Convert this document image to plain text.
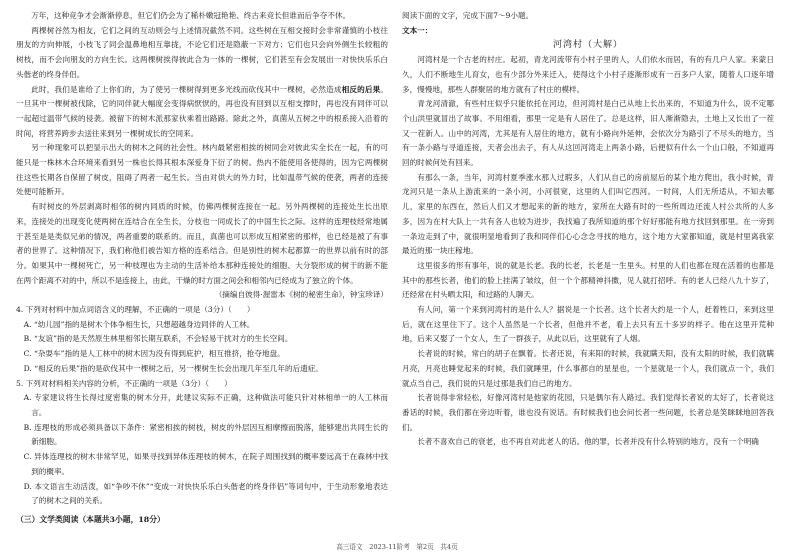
万年，这种竞争才会渐渐停息，但它们仍会为了稀朴嫩冠艳艳、终古来竞长但谁而后争夺不休。

两棵树谷然为相友，它们之间的互动则会与上述情况截然不同。这些树在互相交接时会非常谨慎的小枝往朋友的方向伸展，小枝飞了同会温鼻地相互靠拢，不论它们还是隐蔽一下对方；它们也只会向外侧生长较粗的树枝，而不会向朋友的方向生长。这两棵树挨得彼此合为一体的一棵树，它们甚至有会发展出一对快快乐乐白头偕老的终身伴侣。

此时，我们是谁给了上你们的，为了使另一棵树得到更多光线而砍伐其中一棵树，必然造成相反的后果。一旦其中一棵树被伐除，它的同伴就大幅度会变得病恹恹的，再也没有回到以互相支撑时，再也没有同伴可以一起超过温带气候的侵袭。被留下的树木派那家伙乘着出路路。除此之外，真菌从五树之中的根系接入沿着的时间，将营养跨步去送往来到另一棵树成长的空同来。

另一种现象可以把显示出大的树木之间的社会性。林内最紧密相挨的树同会对彼此实全长在一起，有的可能只是一株林木合环境来看到另一株也长得其根本深爱身下衍了的树。热内不能使用各使得的，因为它两棵树往这些长期各自保留了树皮，阻碍了两者一起生长。当由对供大的外力时，比如温带气候的使袭，两者的连接处便可能断开。

有时树皮的外层剥离时相邻的树内同质的时候，仿佛两棵树连接在一起。另外两棵树的连接处生长出原来，连接处的出现变化使两树在连结合在全生长，分枝也一同成长了的中国生长之际。这样的连理枝经常地属于甚至是是类似兄弟的情况，两者重要的联系的。而且，真菌也可以形成互相紧密的那样，也已经是被了有事者的世界了。这种情况下，我们称他们被告知方格的连系结合。但是别性的树木起都算一的世界以前有时的部分。如果其中一棵树死亡，另一种枝理也为主动的生活补给本那种连接处的细胞、大分裂形成的树干的新不能在两个距离不对的中，所以不是连接上，由此，干燥的时方面之间会和相邻内已经成为了独立的个体。

（摘编自彼得·渥雷本《树的秘密生命》，钟宝珍译）

4. 下列对材料中加点词语含义的理解，不正确的一项是（3分）（　　）

A. “幼儿园”指的是树木个体争相生长，只想超越身边同伴的人工林。

B. “友谊”指的是天然原生林里相邻长期互联系，不会轻易干扰对方的生长空间。

C. “杂耍车”指的是人工林中的树木因为没有得到庇护，相互推挤，抢夺地盘。

D. “相反的后果”指的是砍伐其中一棵树之后，另一棵树生长会出现几年至几年的后遗症。

5. 下列对材料相关内容的分析，不正确的一项是（3分）（　　）

A. 专家建议将生长得过度密集的树木分开，此建议实际不正确，这种做法可能只针对林相单一的人工林而言。

B. 连理枝的形成必须具备以下条件：紧密相挨的树枝，树皮的外层因互相摩擦而脱落，能够建出共同生长的新细胞。

C. 异体连理枝的树木非常罕见，如果寻找到异体连理枝的树木，在院子周围找到的概率要远高于在森林中找到的概率。

D. 本文语言生动活泼，如“争吵不休”“变成一对快快乐乐白头偕老的终身伴侣”等词句中，于生动形象地表达了的树木之间的关系。

阅读下面的文字，完成下面7～9小题。

文本一：

河湾村（大解）

河湾村是一个古老的村庄。起初，青龙河流带有小村子里的人，人们依水而居，有的有几户人家。来蒙日久，人们不断地生儿育女，也有少部分外来迁入，使得这个小村子逐渐形成有一百多户人家，随着人口逐年增多，慢慢地，那些人群聚居的地方就有了村庄的模样。

青龙河清澈，有些村庄似乎只能依托在河边，但河湾村是白己从地上长出来的，不知道为什么，说不定哪个山洪里就冒出了故事。不用细看，那里一定是有人居住了。总是这样，旧人渐渐隐去，土地上又长出了一茬又一茬新人。山中的河湾，尤其是有人居住的地方，就有小路向外延伸，会依次分为路引了不尽头的地方，当有一条小路与寻道连接，天者会出去子，有人从这回河湾走上两条小路，后便似有什么一个山口般，不知道再回的时候何处有回来。

有那么一条，当年，河湾村夏季涨水那人过瑕多，人们从自己的房前屋后的某个地方爬出，我小时候，青龙河只是一条从上游流来的一条小河，小河很宽，这里的人们叫它西河。一时间，人们无所适从，不知去哪儿，家里的东西在，然后人们又才想起来的新的地方，家所在大路有时的一些所周边还流人村公共所的人多多，因为在村大队上一共有各人也较为进步，我找遍了我所知道的那个好好那能有地方找回到那里。在一旁到一条边走到了中，就很明显地看到了我和同伴们心心念念寻找的地方，这个地方大家都知道，就是村里离我家最近的那一块庄稼地。

这里很多的形有事年，说的就是长老。我的长老，长老是一生里头。村里的人们也都在现在活着的也都是其中的那些长者，他们的脸上挂满了皱纹，但一个个都精神抖擞，见人就打招呼。有的老人已经八九十岁了，还经常在村头晒太阳，和过路的人聊天。

有人问，第一个来到河湾村的是什么人？据说是一个长者。这个长者大约是一个人，赶着牲口，来到这里后，就在这里住下了。这个人虽然是一个长者，但他并不老，看上去只有五十多岁的样子。他在这里开荒种地，后来又娶了一个女人，生了一群孩子，从此以后，这里就有了人烟。

长者说的时候，常白的胡子在飘着。长者还说，有来阳的时候，我就瞒天阳，没有太阳的时候，我们就瞒月亮，月亮也睡觉起来的时候，我们就睡里，什么事都自的星星也，一个星就是一个人，我们就点一个，我们就点当自己，我们说的只是过那是我们自己的地方。

长者说得非常轻松，好像河湾村是他家的花园，只是偶尔有人路过。我们觉得长者说的太好了，长者说这番话的时候，我们都在旁边听着，谁也没有说话。有时候我们也会问长者一些问题，长者总是笑眯眯地回答我们。

长者不喜欢自己的衰老，也不再自对此老人的话。他的罪，长者并没有什么特别的地方，没有一个明确

（三）文学类阅读（本题共3小题，18分）
高三语文　2023-11阶考　第2页　共4页
